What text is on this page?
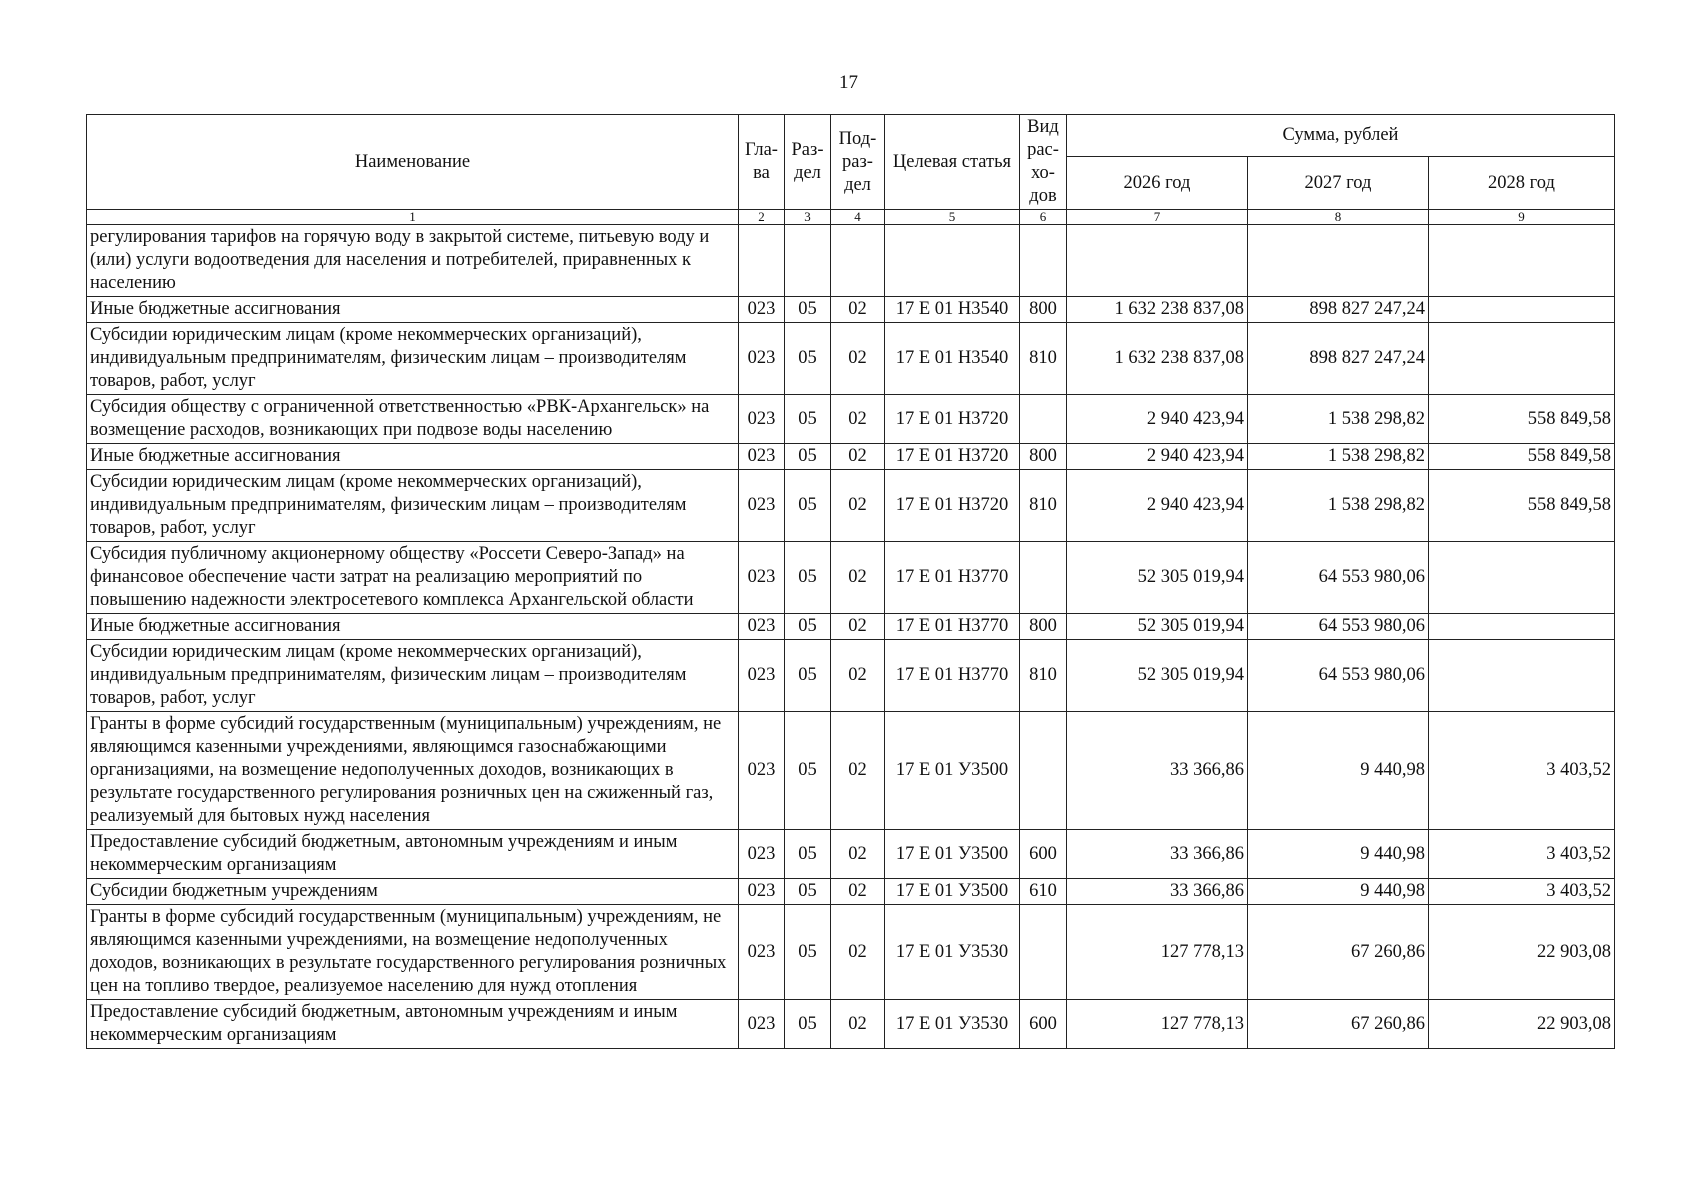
17
Наименование	Гла-ва	Раз-дел	Под-раз-дел	Целевая статья	Вид рас-хо-дов	Сумма, рублей		
						2026 год	2027 год	2028 год
1	2	3	4	5	6	7	8	9
регулирования тарифов на горячую воду в закрытой системе, питьевую воду и (или) услуги водоотведения для населения и потребителей, приравненных к населению								
Иные бюджетные ассигнования	023	05	02	17 Е 01 Н3540	800	1 632 238 837,08	898 827 247,24	
Субсидии юридическим лицам (кроме некоммерческих организаций), индивидуальным предпринимателям, физическим лицам – производителям товаров, работ, услуг	023	05	02	17 Е 01 Н3540	810	1 632 238 837,08	898 827 247,24	
Субсидия обществу с ограниченной ответственностью «РВК-Архангельск» на возмещение расходов, возникающих при подвозе воды населению	023	05	02	17 Е 01 Н3720		2 940 423,94	1 538 298,82	558 849,58
Иные бюджетные ассигнования	023	05	02	17 Е 01 Н3720	800	2 940 423,94	1 538 298,82	558 849,58
Субсидии юридическим лицам (кроме некоммерческих организаций), индивидуальным предпринимателям, физическим лицам – производителям товаров, работ, услуг	023	05	02	17 Е 01 Н3720	810	2 940 423,94	1 538 298,82	558 849,58
Субсидия публичному акционерному обществу «Россети Северо-Запад» на финансовое обеспечение части затрат на реализацию мероприятий по повышению надежности электросетевого комплекса Архангельской области	023	05	02	17 Е 01 Н3770		52 305 019,94	64 553 980,06	
Иные бюджетные ассигнования	023	05	02	17 Е 01 Н3770	800	52 305 019,94	64 553 980,06	
Субсидии юридическим лицам (кроме некоммерческих организаций), индивидуальным предпринимателям, физическим лицам – производителям товаров, работ, услуг	023	05	02	17 Е 01 Н3770	810	52 305 019,94	64 553 980,06	
Гранты в форме субсидий государственным (муниципальным) учреждениям, не являющимся казенными учреждениями, являющимся газоснабжающими организациями, на возмещение недополученных доходов, возникающих в результате государственного регулирования розничных цен на сжиженный газ, реализуемый для бытовых нужд населения	023	05	02	17 Е 01 У3500		33 366,86	9 440,98	3 403,52
Предоставление субсидий бюджетным, автономным учреждениям и иным некоммерческим организациям	023	05	02	17 Е 01 У3500	600	33 366,86	9 440,98	3 403,52
Субсидии бюджетным учреждениям	023	05	02	17 Е 01 У3500	610	33 366,86	9 440,98	3 403,52
Гранты в форме субсидий государственным (муниципальным) учреждениям, не являющимся казенными учреждениями, на возмещение недополученных доходов, возникающих в результате государственного регулирования розничных цен на топливо твердое, реализуемое населению для нужд отопления	023	05	02	17 Е 01 У3530		127 778,13	67 260,86	22 903,08
Предоставление субсидий бюджетным, автономным учреждениям и иным некоммерческим организациям	023	05	02	17 Е 01 У3530	600	127 778,13	67 260,86	22 903,08
